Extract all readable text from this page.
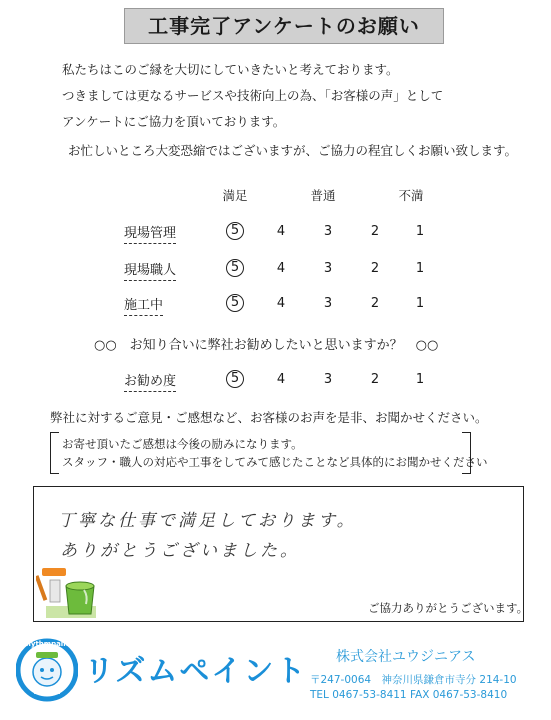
工事完了アンケートのお願い
私たちはこのご縁を大切にしていきたいと考えております。
つきましては更なるサービスや技術向上の為、「お客様の声」として
アンケートにご協力を頂いております。
お忙しいところ大変恐縮ではございますが、ご協力の程宜しくお願い致します。
満足	普通	不満
現場管理	5	4	3	2	1
現場職人	5	4	3	2	1
施工中	5	4	3	2	1
○○　お知り合いに弊社お勧めしたいと思いますか？　○○
お勧め度	5	4	3	2	1
弊社に対するご意見・ご感想など、お客様のお声を是非、お聞かせください。
お寄せ頂いたご感想は今後の励みになります。
スタッフ・職人の対応や工事をしてみて感じたことなど具体的にお聞かせください
丁寧な仕事で満足しております。
ありがとうございました。
ご協力ありがとうございます。
rhythmpaint
reform
リズムペイント 株式会社ユウジニアス
〒247-0064　神奈川県鎌倉市寺分 214-10
TEL 0467-53-8411 FAX 0467-53-8410
